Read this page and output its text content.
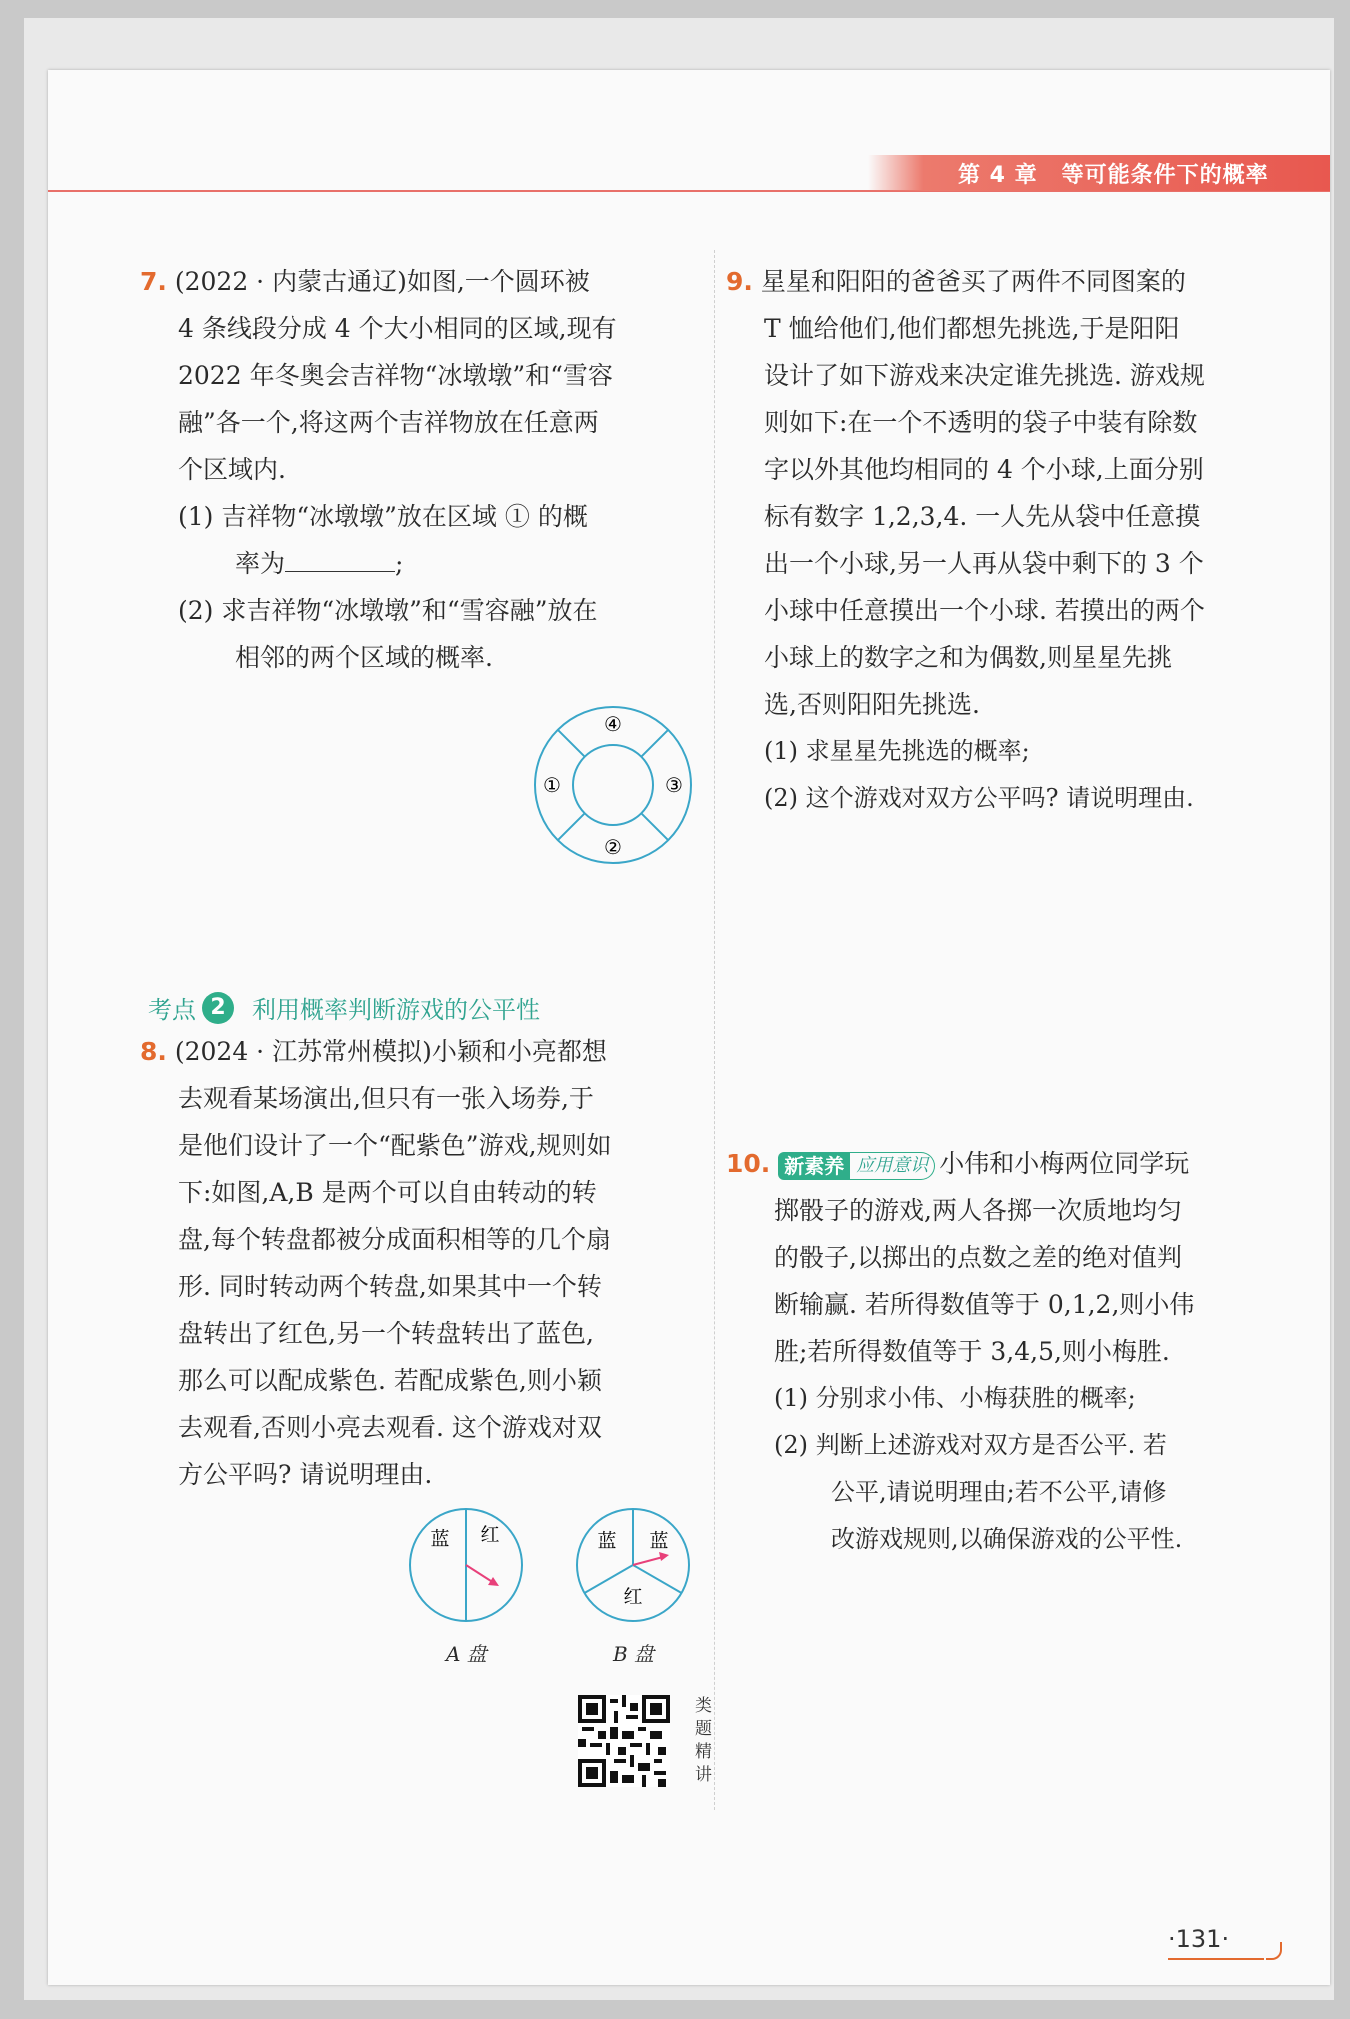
第 4 章 等可能条件下的概率
7. (2022 · 内蒙古通辽)如图,一个圆环被
4 条线段分成 4 个大小相同的区域,现有
2022 年冬奥会吉祥物“冰墩墩”和“雪容
融”各一个,将这两个吉祥物放在任意两
个区域内.
(1) 吉祥物“冰墩墩”放在区域 ① 的概
率为	;
(2) 求吉祥物“冰墩墩”和“雪容融”放在
相邻的两个区域的概率.
①
②
③
④
考点 2	利用概率判断游戏的公平性
8. (2024 · 江苏常州模拟)小颖和小亮都想
去观看某场演出,但只有一张入场券,于
是他们设计了一个“配紫色”游戏,规则如
下:如图,A,B 是两个可以自由转动的转
盘,每个转盘都被分成面积相等的几个扇
形. 同时转动两个转盘,如果其中一个转
盘转出了红色,另一个转盘转出了蓝色,
那么可以配成紫色. 若配成紫色,则小颖
去观看,否则小亮去观看. 这个游戏对双
方公平吗? 请说明理由.
蓝 红
A 盘
蓝 蓝
红
B 盘
类题精讲
9. 星星和阳阳的爸爸买了两件不同图案的
T 恤给他们,他们都想先挑选,于是阳阳
设计了如下游戏来决定谁先挑选. 游戏规
则如下:在一个不透明的袋子中装有除数
字以外其他均相同的 4 个小球,上面分别
标有数字 1,2,3,4. 一人先从袋中任意摸
出一个小球,另一人再从袋中剩下的 3 个
小球中任意摸出一个小球. 若摸出的两个
小球上的数字之和为偶数,则星星先挑
选,否则阳阳先挑选.
(1) 求星星先挑选的概率;
(2) 这个游戏对双方公平吗? 请说明理由.
10. 新素养 应用意识 小伟和小梅两位同学玩
掷骰子的游戏,两人各掷一次质地均匀
的骰子,以掷出的点数之差的绝对值判
断输赢. 若所得数值等于 0,1,2,则小伟
胜;若所得数值等于 3,4,5,则小梅胜.
(1) 分别求小伟、小梅获胜的概率;
(2) 判断上述游戏对双方是否公平. 若
公平,请说明理由;若不公平,请修
改游戏规则,以确保游戏的公平性.
·131·
